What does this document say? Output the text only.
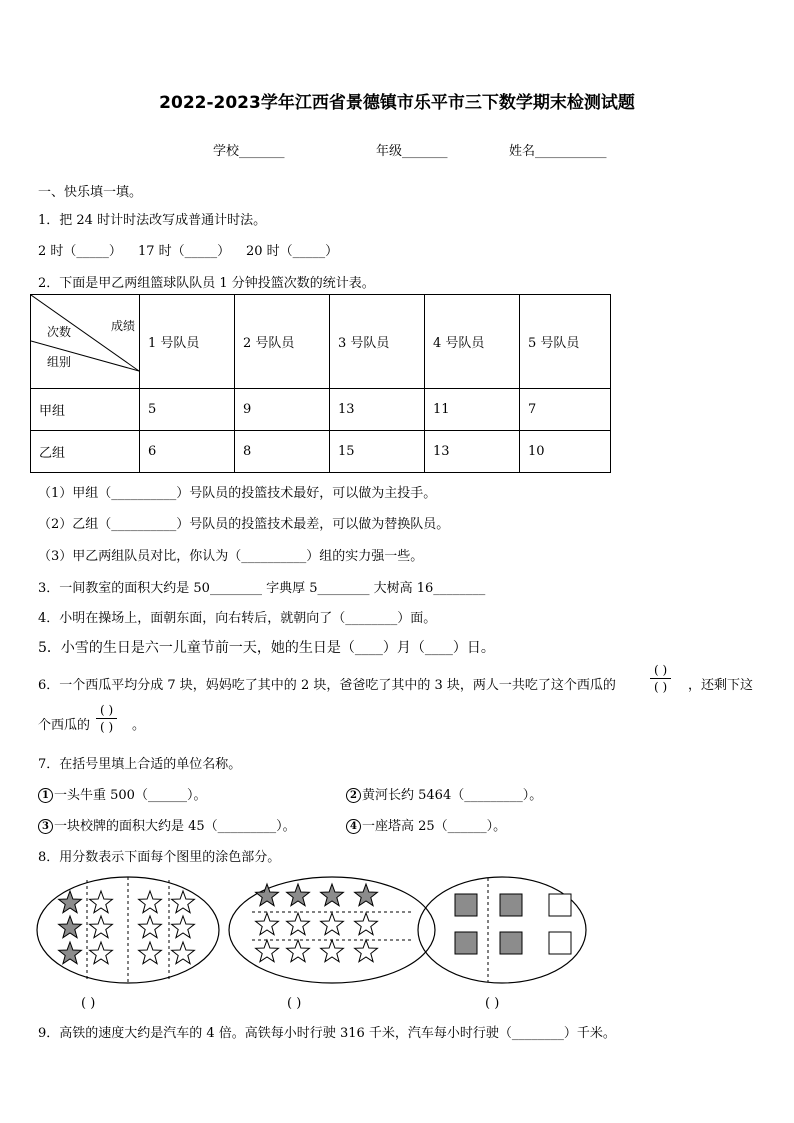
2022-2023学年江西省景德镇市乐平市三下数学期末检测试题
学校_______	年级_______	姓名___________
一、快乐填一填。
1．把 24 时计时法改写成普通计时法。
2 时（_____） 17 时（_____） 20 时（_____）
2．下面是甲乙两组篮球队队员 1 分钟投篮次数的统计表。
成绩
次数
组别	1 号队员	2 号队员	3 号队员	4 号队员	5 号队员
甲组	5	9	13	11	7
乙组	6	8	15	13	10
（1）甲组（__________）号队员的投篮技术最好，可以做为主投手。
（2）乙组（__________）号队员的投篮技术最差，可以做为替换队员。
（3）甲乙两组队员对比，你认为（__________）组的实力强一些。
3．一间教室的面积大约是 50________ 字典厚 5________ 大树高 16________
4．小明在操场上，面朝东面，向右转后，就朝向了（________）面。
5．小雪的生日是六一儿童节前一天，她的生日是（____）月（____）日。
6．一个西瓜平均分成 7 块，妈妈吃了其中的 2 块，爸爸吃了其中的 3 块，两人一共吃了这个西瓜的
( )
( )	，还剩下这
个西瓜的
( )
( )	。
7．在括号里填上合适的单位名称。
1 一头牛重 500（______）。	2 黄河长约 5464（_________）。
3 一块校牌的面积大约是 45（_________）。	4 一座塔高 25（______）。
8．用分数表示下面每个图里的涂色部分。
( )	( )	( )
9．高铁的速度大约是汽车的 4 倍。高铁每小时行驶 316 千米，汽车每小时行驶（________）千米。
